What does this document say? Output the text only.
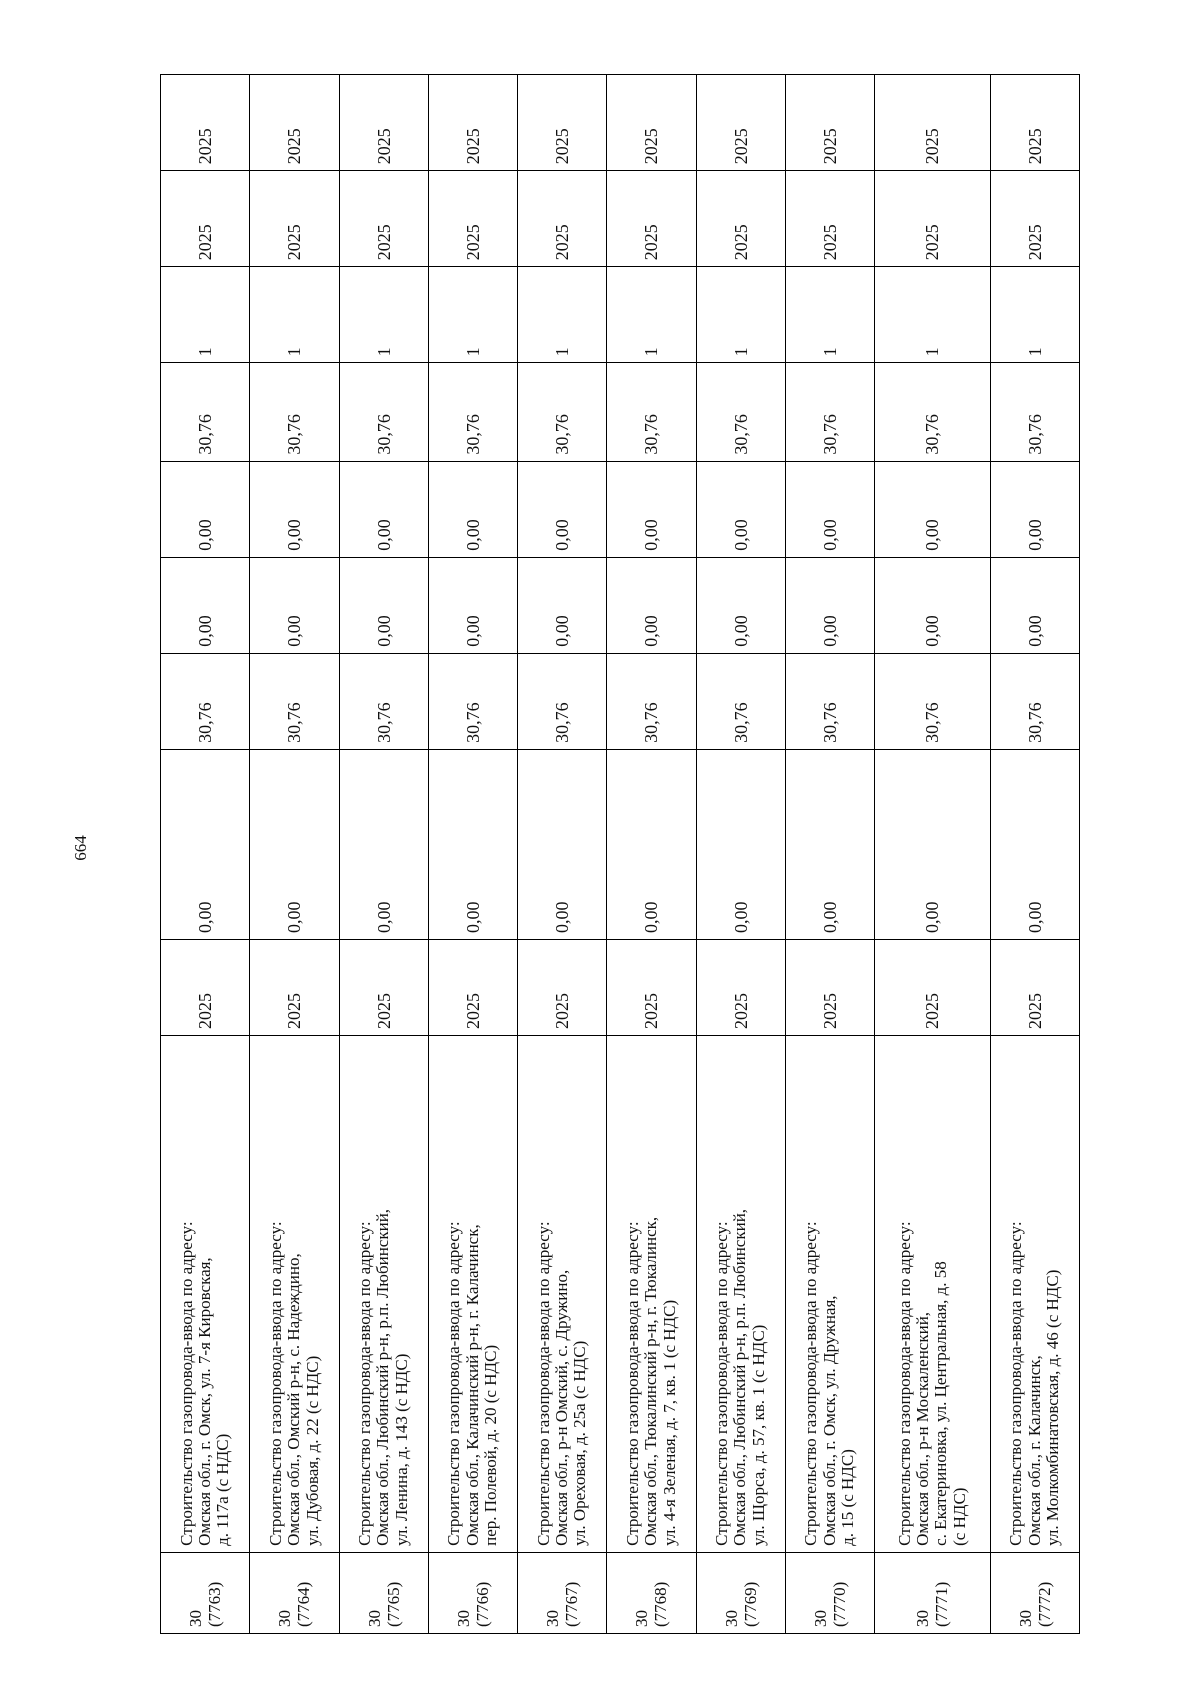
664
30
(7763)	Строительство газопровода-ввода по адресу:
Омская обл., г. Омск, ул. 7-я Кировская,
д. 117а (с НДС)	2025	0,00	30,76	0,00	0,00	30,76	1	2025	2025
30
(7764)	Строительство газопровода-ввода по адресу:
Омская обл., Омский р-н, с. Надеждино,
ул. Дубовая, д. 22 (с НДС)	2025	0,00	30,76	0,00	0,00	30,76	1	2025	2025
30
(7765)	Строительство газопровода-ввода по адресу:
Омская обл., Любинский р-н, р.п. Любинский,
ул. Ленина, д. 143 (с НДС)	2025	0,00	30,76	0,00	0,00	30,76	1	2025	2025
30
(7766)	Строительство газопровода-ввода по адресу:
Омская обл., Калачинский р-н, г. Калачинск,
пер. Полевой, д. 20 (с НДС)	2025	0,00	30,76	0,00	0,00	30,76	1	2025	2025
30
(7767)	Строительство газопровода-ввода по адресу:
Омская обл., р-н Омский, с. Дружино,
ул. Ореховая, д. 25а (с НДС)	2025	0,00	30,76	0,00	0,00	30,76	1	2025	2025
30
(7768)	Строительство газопровода-ввода по адресу:
Омская обл., Тюкалинский р-н, г. Тюкалинск,
ул. 4-я Зеленая, д. 7, кв. 1 (с НДС)	2025	0,00	30,76	0,00	0,00	30,76	1	2025	2025
30
(7769)	Строительство газопровода-ввода по адресу:
Омская обл., Любинский р-н, р.п. Любинский,
ул. Щорса, д. 57, кв. 1 (с НДС)	2025	0,00	30,76	0,00	0,00	30,76	1	2025	2025
30
(7770)	Строительство газопровода-ввода по адресу:
Омская обл., г. Омск, ул. Дружная,
д. 15 (с НДС)	2025	0,00	30,76	0,00	0,00	30,76	1	2025	2025
30
(7771)	Строительство газопровода-ввода по адресу:
Омская обл., р-н Москаленский,
с. Екатериновка, ул. Центральная, д. 58
(с НДС)	2025	0,00	30,76	0,00	0,00	30,76	1	2025	2025
30
(7772)	Строительство газопровода-ввода по адресу:
Омская обл., г. Калачинск,
ул. Молкомбинатовская, д. 46 (с НДС)	2025	0,00	30,76	0,00	0,00	30,76	1	2025	2025
